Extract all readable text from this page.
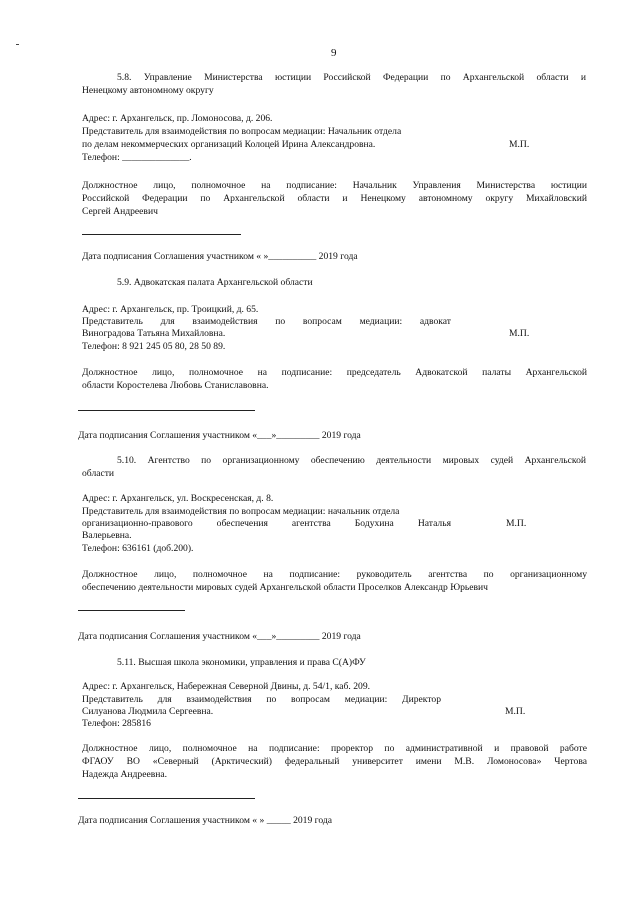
9
5.8. Управление Министерства юстиции Российской Федерации по Архангельской области и
Ненецкому автономному округу
Адрес: г. Архангельск, пр. Ломоносова, д. 206.
Представитель для взаимодействия по вопросам медиации: Начальник отдела
по делам некоммерческих организаций Колоцей Ирина Александровна.	М.П.
Телефон: ______________.
Должностное лицо, полномочное на подписание: Начальник Управления Министерства юстиции
Российской Федерации по Архангельской области и Ненецкому автономному округу Михайловский
Сергей Андреевич
Дата подписания Соглашения участником « »__________ 2019 года
5.9. Адвокатская палата Архангельской области
Адрес: г. Архангельск, пр. Троицкий, д. 65.
Представитель для взаимодействия по вопросам медиации: адвокат
Виноградова Татьяна Михайловна.	М.П.
Телефон: 8 921 245 05 80, 28 50 89.
Должностное лицо, полномочное на подписание: председатель Адвокатской палаты Архангельской
области Коростелева Любовь Станиславовна.
Дата подписания Соглашения участником «___»_________ 2019 года
5.10. Агентство по организационному обеспечению деятельности мировых судей Архангельской
области
Адрес: г. Архангельск, ул. Воскресенская, д. 8.
Представитель для взаимодействия по вопросам медиации: начальник отдела
организационно-правового обеспечения агентства Бодухина Наталья	М.П.
Валерьевна.
Телефон: 636161 (доб.200).
Должностное лицо, полномочное на подписание: руководитель агентства по организационному
обеспечению деятельности мировых судей Архангельской области Проселков Александр Юрьевич
Дата подписания Соглашения участником «___»_________ 2019 года
5.11. Высшая школа экономики, управления и права С(А)ФУ
Адрес: г. Архангельск, Набережная Северной Двины, д. 54/1, каб. 209.
Представитель для взаимодействия по вопросам медиации: Директор
Силуанова Людмила Сергеевна.	М.П.
Телефон: 285816
Должностное лицо, полномочное на подписание: проректор по административной и правовой работе
ФГАОУ ВО «Северный (Арктический) федеральный университет имени М.В. Ломоносова» Чертова
Надежда Андреевна.
Дата подписания Соглашения участником « » _____ 2019 года
